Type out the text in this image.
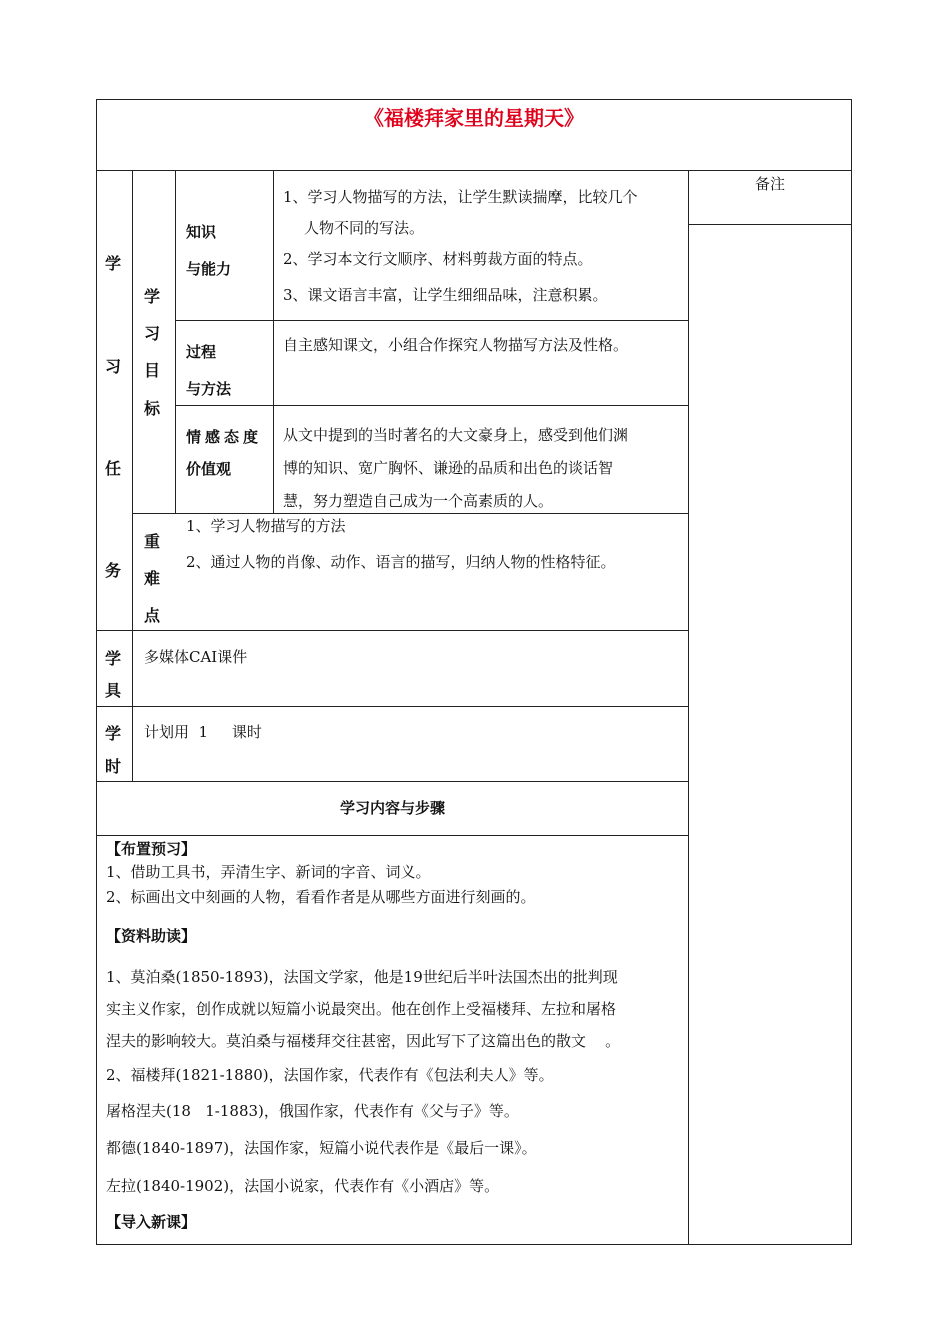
《福楼拜家里的星期天》
备注
学
习
任
务
学
习
目
标
知识
与能力
1、学习人物描写的方法，让学生默读揣摩，比较几个
人物不同的写法。
2、学习本文行文顺序、材料剪裁方面的特点。
3、课文语言丰富，让学生细细品味，注意积累。
过程
与方法
自主感知课文，小组合作探究人物描写方法及性格。
情感态度
价值观
从文中提到的当时著名的大文豪身上，感受到他们渊
博的知识、宽广胸怀、谦逊的品质和出色的谈话智
慧，努力塑造自己成为一个高素质的人。
重
难
点
1、学习人物描写的方法
2、通过人物的肖像、动作、语言的描写，归纳人物的性格特征。
学
具
多媒体CAI课件
学
时
计划用  1     课时
学习内容与步骤
【布置预习】
1、借助工具书，弄清生字、新词的字音、词义。
2、标画出文中刻画的人物，看看作者是从哪些方面进行刻画的。
【资料助读】
1、莫泊桑(1850-1893)，法国文学家，他是19世纪后半叶法国杰出的批判现
实主义作家，创作成就以短篇小说最突出。他在创作上受福楼拜、左拉和屠格
涅夫的影响较大。莫泊桑与福楼拜交往甚密，因此写下了这篇出色的散文    。
2、福楼拜(1821-1880)，法国作家，代表作有《包法利夫人》等。
屠格涅夫(18   1-1883)，俄国作家，代表作有《父与子》等。
都德(1840-1897)，法国作家，短篇小说代表作是《最后一课》。
左拉(1840-1902)，法国小说家，代表作有《小酒店》等。
【导入新课】
